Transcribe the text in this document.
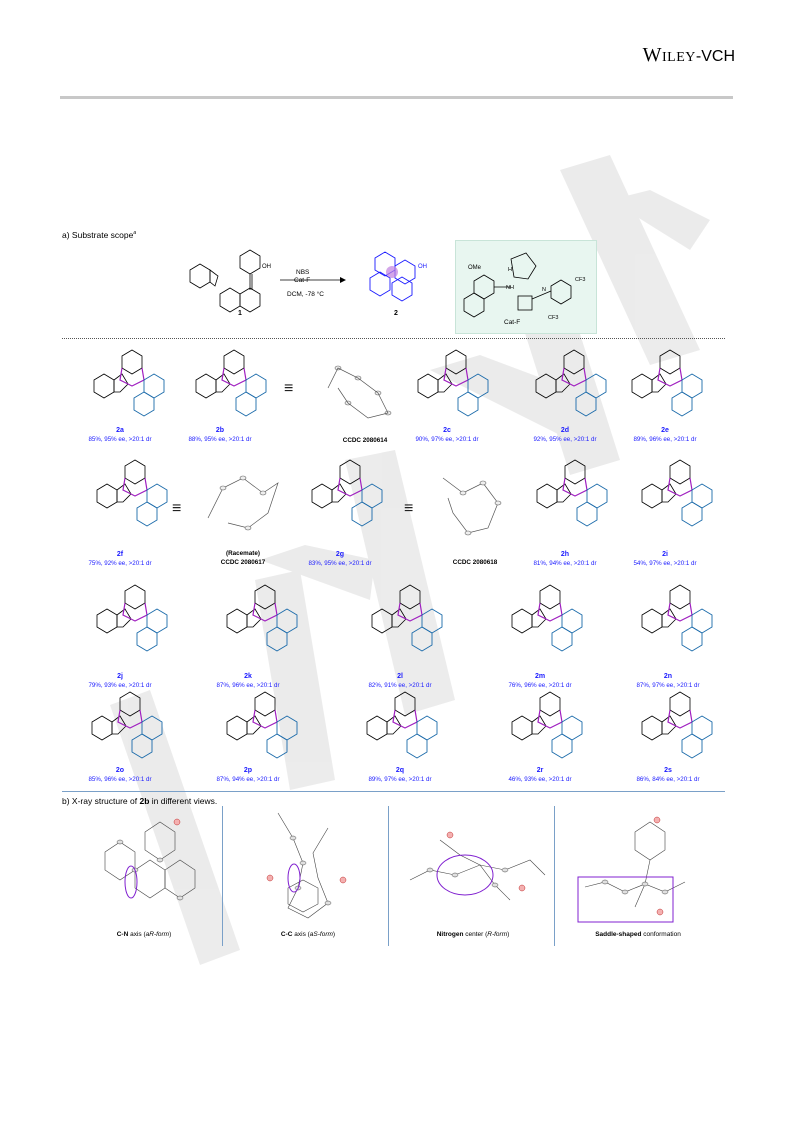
Wiley-VCH
a) Substrate scope$^a$
OH	OH
NBS
Cat-F
DCM, -78 °C
1	2
OMe
CF3
CF3
NH	N
H
Cat-F
2a
85%, 95% ee, >20:1 dr
2b
88%, 95% ee, >20:1 dr
≡
CCDC 2080614
2c
90%, 97% ee, >20:1 dr
2d
92%, 95% ee, >20:1 dr
2e
89%, 96% ee, >20:1 dr
2f
75%, 92% ee, >20:1 dr
≡
(Racemate)
CCDC 2080617
2g
83%, 95% ee, >20:1 dr
≡
CCDC 2080618
2h
81%, 94% ee, >20:1 dr
2i
54%, 97% ee, >20:1 dr
2j
79%, 93% ee, >20:1 dr
2k
87%, 96% ee, >20:1 dr
2l
82%, 91% ee, >20:1 dr
2m
76%, 96% ee, >20:1 dr
2n
87%, 97% ee, >20:1 dr
2o
85%, 96% ee, >20:1 dr
2p
87%, 94% ee, >20:1 dr
2q
89%, 97% ee, >20:1 dr
2r
46%, 93% ee, >20:1 dr
2s
86%, 84% ee, >20:1 dr
b) X-ray structure of 2b in different views.
C-N axis (aR-form)	C-C axis (aS-form)	Nitrogen center (R-form)	Saddle-shaped conformation
